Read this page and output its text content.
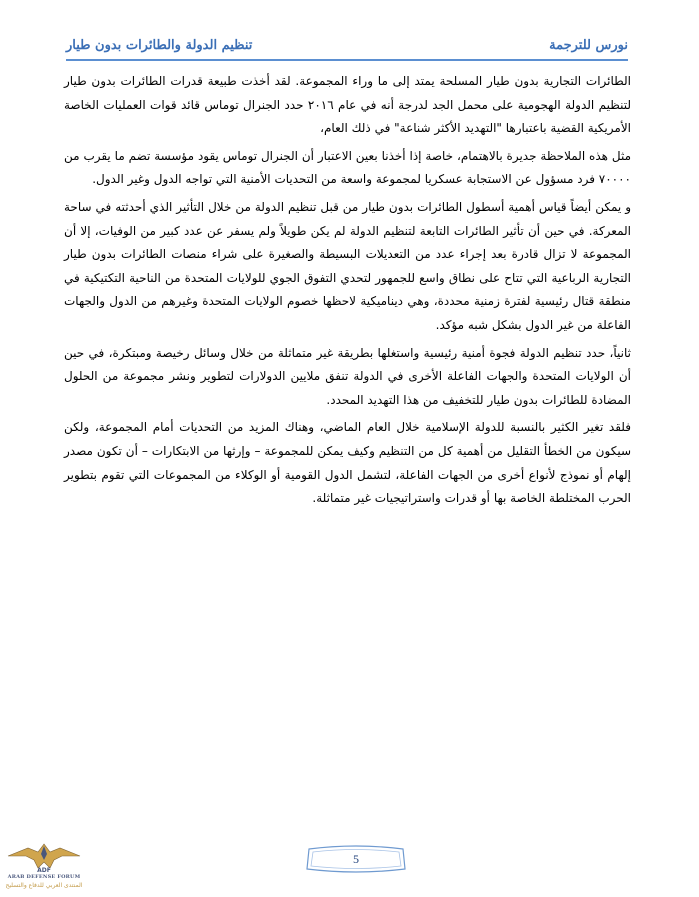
نورس للترجمة
تنظيم الدولة والطائرات بدون طيار

الطائرات التجارية بدون طيار المسلحة يمتد إلى ما وراء المجموعة. لقد أخذت طبيعة قدرات الطائرات بدون طيار لتنظيم الدولة الهجومية على محمل الجد لدرجة أنه في عام ٢٠١٦ حدد الجنرال توماس قائد قوات العمليات الخاصة الأمريكية القضية باعتبارها "التهديد الأكثر شناعة" في ذلك العام،

مثل هذه الملاحظة جديرة بالاهتمام، خاصة إذا أخذنا بعين الاعتبار أن الجنرال توماس يقود مؤسسة تضم ما يقرب من ٧٠٠٠٠ فرد مسؤول عن الاستجابة عسكريا لمجموعة واسعة من التحديات الأمنية التي تواجه الدول وغير الدول.

و يمكن أيضاً قياس أهمية أسطول الطائرات بدون طيار من قبل تنظيم الدولة من خلال التأثير الذي أحدثته في ساحة المعركة. في حين أن تأثير الطائرات التابعة لتنظيم الدولة لم يكن طويلاً ولم يسفر عن عدد كبير من الوفيات، إلا أن المجموعة لا تزال قادرة بعد إجراء عدد من التعديلات البسيطة والصغيرة على شراء منصات الطائرات بدون طيار التجارية الرباعية التي تتاح على نطاق واسع للجمهور لتحدي التفوق الجوي للولايات المتحدة من الناحية التكتيكية في منطقة قتال رئيسية لفترة زمنية محددة، وهي ديناميكية لاحظها خصوم الولايات المتحدة وغيرهم من الدول والجهات الفاعلة من غير الدول بشكل شبه مؤكد.

ثانياً، حدد تنظيم الدولة فجوة أمنية رئيسية واستغلها بطريقة غير متماثلة من خلال وسائل رخيصة ومبتكرة، في حين أن الولايات المتحدة والجهات الفاعلة الأخرى في الدولة تنفق ملايين الدولارات لتطوير ونشر مجموعة من الحلول المضادة للطائرات بدون طيار للتخفيف من هذا التهديد المحدد.

فلقد تغير الكثير بالنسبة للدولة الإسلامية خلال العام الماضي، وهناك المزيد من التحديات أمام المجموعة، ولكن سيكون من الخطأ التقليل من أهمية كل من التنظيم وكيف يمكن للمجموعة – وإرثها من الابتكارات – أن تكون مصدر إلهام أو نموذج لأنواع أخرى من الجهات الفاعلة، لتشمل الدول القومية أو الوكلاء من المجموعات التي تقوم بتطوير الحرب المختلطة الخاصة بها أو قدرات واستراتيجيات غير متماثلة.

5
ADF
ARAB DEFENSE FORUM
المنتدى العربي للدفاع والتسليح
